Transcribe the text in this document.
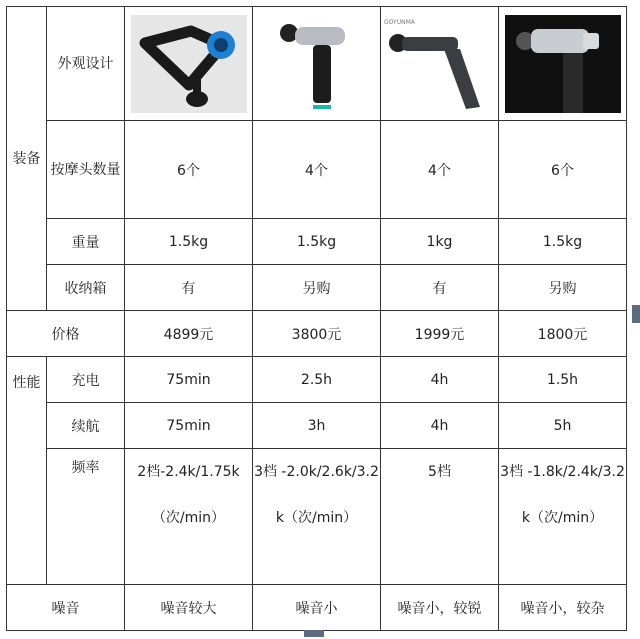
装备	外观设计			GOYUNMA

	按摩头数量	6个	4个	4个	6个
	重量	1.5kg	1.5kg	1kg	1.5kg
	收纳箱	有	另购	有	另购
价格		4899元	3800元	1999元	1800元

性能	充电	75min	2.5h	4h	1.5h
	续航	75min	3h	4h	5h
	频率	2档-2.4k/1.75k（次/min）	3档 -2.0k/2.6k/3.2k（次/min）	5档	3档 -1.8k/2.4k/3.2k（次/min）
噪音		噪音较大	噪音小	噪音小，较锐	噪音小，较杂
